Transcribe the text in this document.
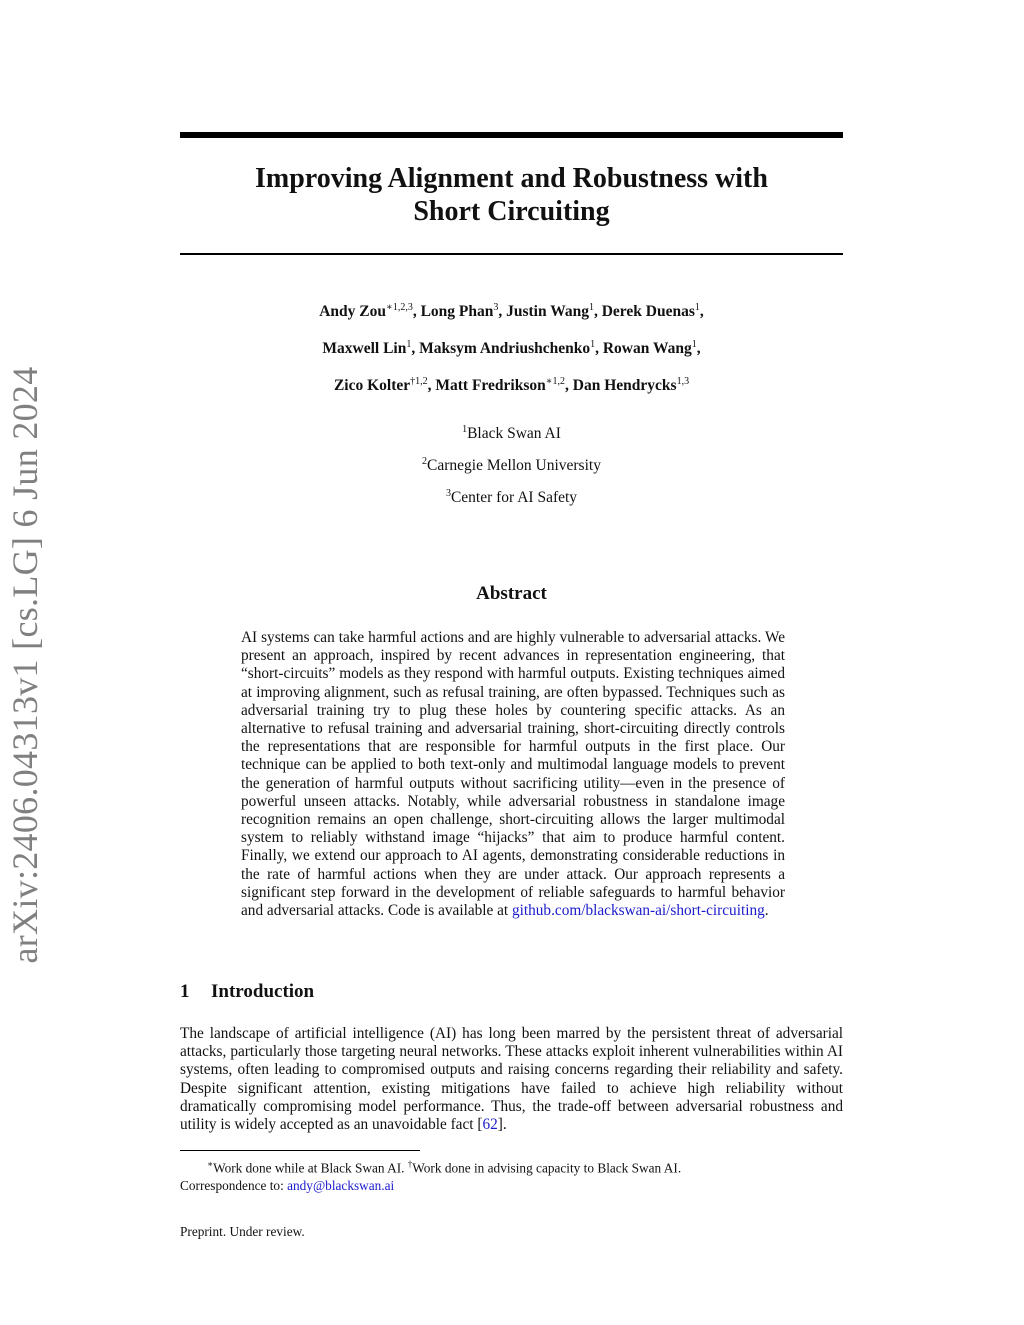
arXiv:2406.04313v1 [cs.LG] 6 Jun 2024
Improving Alignment and Robustness with
Short Circuiting
Andy Zou$^{∗1,2,3}$, Long Phan$^3$, Justin Wang$^1$, Derek Duenas$^1$,
Maxwell Lin$^1$, Maksym Andriushchenko$^1$, Rowan Wang$^1$,
Zico Kolter$^{\dagger 1,2}$, Matt Fredrikson$^{∗1,2}$, Dan Hendrycks$^{1,3}$
$^1$Black Swan AI
$^2$Carnegie Mellon University
$^3$Center for AI Safety
Abstract
AI systems can take harmful actions and are highly vulnerable to adversarial attacks. We present an approach, inspired by recent advances in representation engineering, that “short-circuits” models as they respond with harmful outputs. Existing techniques aimed at improving alignment, such as refusal training, are often bypassed. Techniques such as adversarial training try to plug these holes by countering specific attacks. As an alternative to refusal training and adversarial training, short-circuiting directly controls the representations that are responsible for harmful outputs in the first place. Our technique can be applied to both text-only and multimodal language models to prevent the generation of harmful outputs without sacrificing utility—even in the presence of powerful unseen attacks. Notably, while adversarial robustness in standalone image recognition remains an open challenge, short-circuiting allows the larger multimodal system to reliably withstand image “hijacks” that aim to produce harmful content. Finally, we extend our approach to AI agents, demonstrating considerable reductions in the rate of harmful actions when they are under attack. Our approach represents a significant step forward in the development of reliable safeguards to harmful behavior and adversarial attacks. Code is available at github.com/blackswan-ai/short-circuiting.
1 Introduction
The landscape of artificial intelligence (AI) has long been marred by the persistent threat of adversarial attacks, particularly those targeting neural networks. These attacks exploit inherent vulnerabilities within AI systems, often leading to compromised outputs and raising concerns regarding their reliability and safety. Despite significant attention, existing mitigations have failed to achieve high reliability without dramatically compromising model performance. Thus, the trade-off between adversarial robustness and utility is widely accepted as an unavoidable fact [62].
∗Work done while at Black Swan AI. †Work done in advising capacity to Black Swan AI.
Correspondence to: andy@blackswan.ai
Preprint. Under review.
